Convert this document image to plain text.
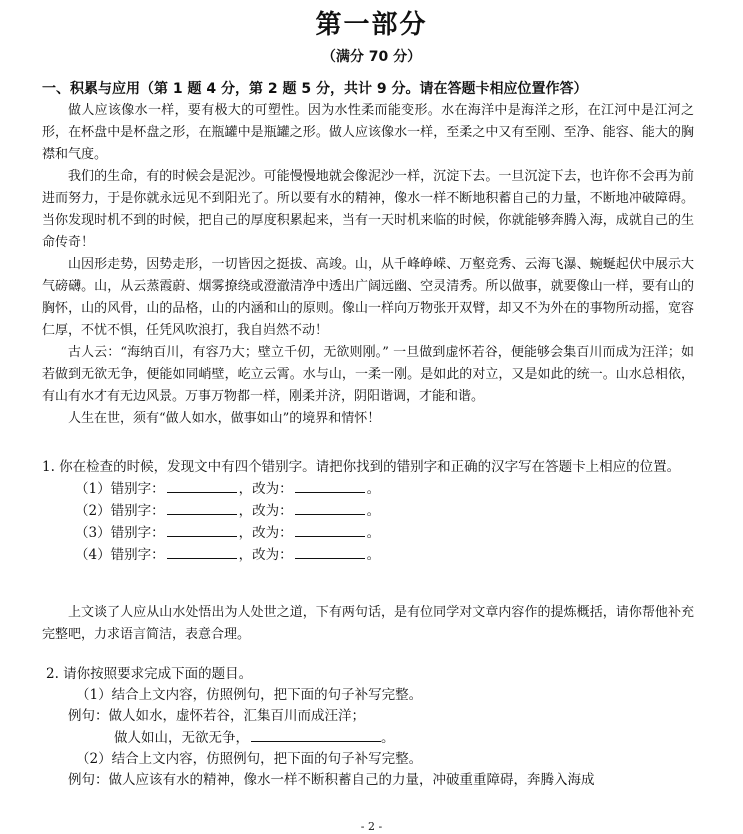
第一部分
（满分 70 分）
一、积累与应用（第 1 题 4 分，第 2 题 5 分，共计 9 分。请在答题卡相应位置作答）

做人应该像水一样，要有极大的可塑性。因为水性柔而能变形。水在海洋中是海洋之形，在江河中是江河之形，在杯盘中是杯盘之形，在瓶罐中是瓶罐之形。做人应该像水一样，至柔之中又有至刚、至净、能容、能大的胸襟和气度。

我们的生命，有的时候会是泥沙。可能慢慢地就会像泥沙一样，沉淀下去。一旦沉淀下去，也许你不会再为前进而努力，于是你就永远见不到阳光了。所以要有水的精神，像水一样不断地积蓄自己的力量，不断地冲破障碍。当你发现时机不到的时候，把自己的厚度积累起来，当有一天时机来临的时候，你就能够奔腾入海，成就自己的生命传奇！

山因形走势，因势走形，一切皆因之挺拔、高竣。山，从千峰峥嵘、万壑竞秀、云海飞瀑、蜿蜒起伏中展示大气磅礴。山，从云蒸霞蔚、烟雾撩绕或澄澈清净中透出广阔远幽、空灵清秀。所以做事，就要像山一样，要有山的胸怀，山的风骨，山的品格，山的内涵和山的原则。像山一样向万物张开双臂，却又不为外在的事物所动摇，宽容仁厚，不忧不惧，任凭风吹浪打，我自岿然不动！

古人云：“海纳百川，有容乃大；壁立千仞，无欲则刚。” 一旦做到虚怀若谷，便能够会集百川而成为汪洋；如若做到无欲无争，便能如同峭壁，屹立云霄。水与山，一柔一刚。是如此的对立，又是如此的统一。山水总相依，有山有水才有无边风景。万事万物都一样，刚柔并济，阴阳谐调，才能和谐。

人生在世，须有“做人如水，做事如山”的境界和情怀！

1. 你在检查的时候，发现文中有四个错别字。请把你找到的错别字和正确的汉字写在答题卡上相应的位置。

（1）错别字：	，改为：	。

（2）错别字：	，改为：	。

（3）错别字：	，改为：	。

（4）错别字：	，改为：	。

上文谈了人应从山水处悟出为人处世之道，下有两句话，是有位同学对文章内容作的提炼概括，请你帮他补充完整吧，力求语言简洁，表意合理。

2. 请你按照要求完成下面的题目。

（1）结合上文内容，仿照例句，把下面的句子补写完整。

例句：做人如水，虚怀若谷，汇集百川而成汪洋；

做人如山，无欲无争，	。

（2）结合上文内容，仿照例句，把下面的句子补写完整。

例句：做人应该有水的精神，像水一样不断积蓄自己的力量，冲破重重障碍，奔腾入海成

- 2 -
